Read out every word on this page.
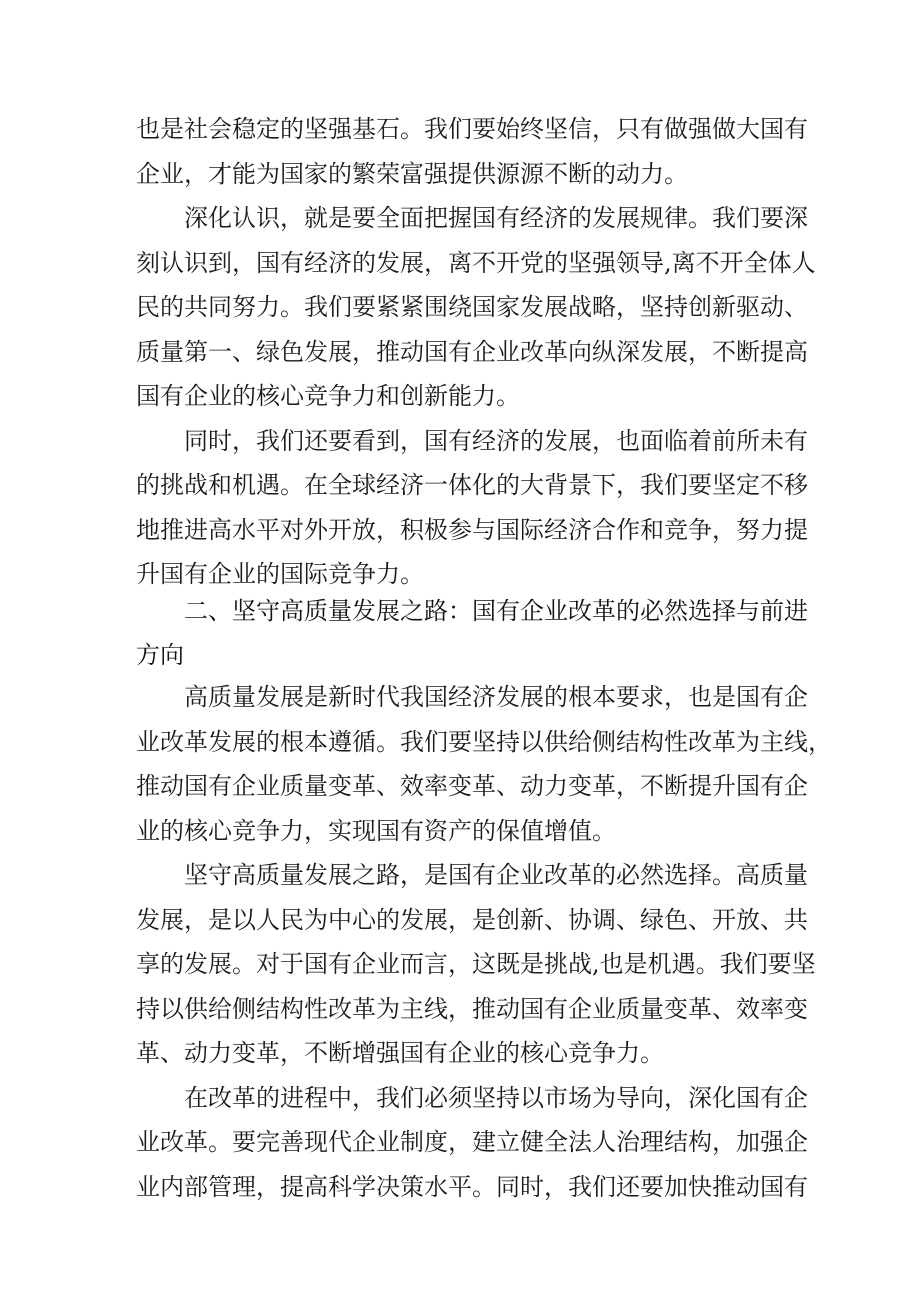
也是社会稳定的坚强基石。我们要始终坚信，只有做强做大国有
企业，才能为国家的繁荣富强提供源源不断的动力。
深化认识，就是要全面把握国有经济的发展规律。我们要深
刻认识到，国有经济的发展，离不开党的坚强领导,离不开全体人
民的共同努力。我们要紧紧围绕国家发展战略，坚持创新驱动、
质量第一、绿色发展，推动国有企业改革向纵深发展，不断提高
国有企业的核心竞争力和创新能力。
同时，我们还要看到，国有经济的发展，也面临着前所未有
的挑战和机遇。在全球经济一体化的大背景下，我们要坚定不移
地推进高水平对外开放，积极参与国际经济合作和竞争，努力提
升国有企业的国际竞争力。
二、坚守高质量发展之路：国有企业改革的必然选择与前进
方向
高质量发展是新时代我国经济发展的根本要求，也是国有企
业改革发展的根本遵循。我们要坚持以供给侧结构性改革为主线，
推动国有企业质量变革、效率变革、动力变革，不断提升国有企
业的核心竞争力，实现国有资产的保值增值。
坚守高质量发展之路，是国有企业改革的必然选择。高质量
发展，是以人民为中心的发展，是创新、协调、绿色、开放、共
享的发展。对于国有企业而言，这既是挑战,也是机遇。我们要坚
持以供给侧结构性改革为主线，推动国有企业质量变革、效率变
革、动力变革，不断增强国有企业的核心竞争力。
在改革的进程中，我们必须坚持以市场为导向，深化国有企
业改革。要完善现代企业制度，建立健全法人治理结构，加强企
业内部管理，提高科学决策水平。同时，我们还要加快推动国有
